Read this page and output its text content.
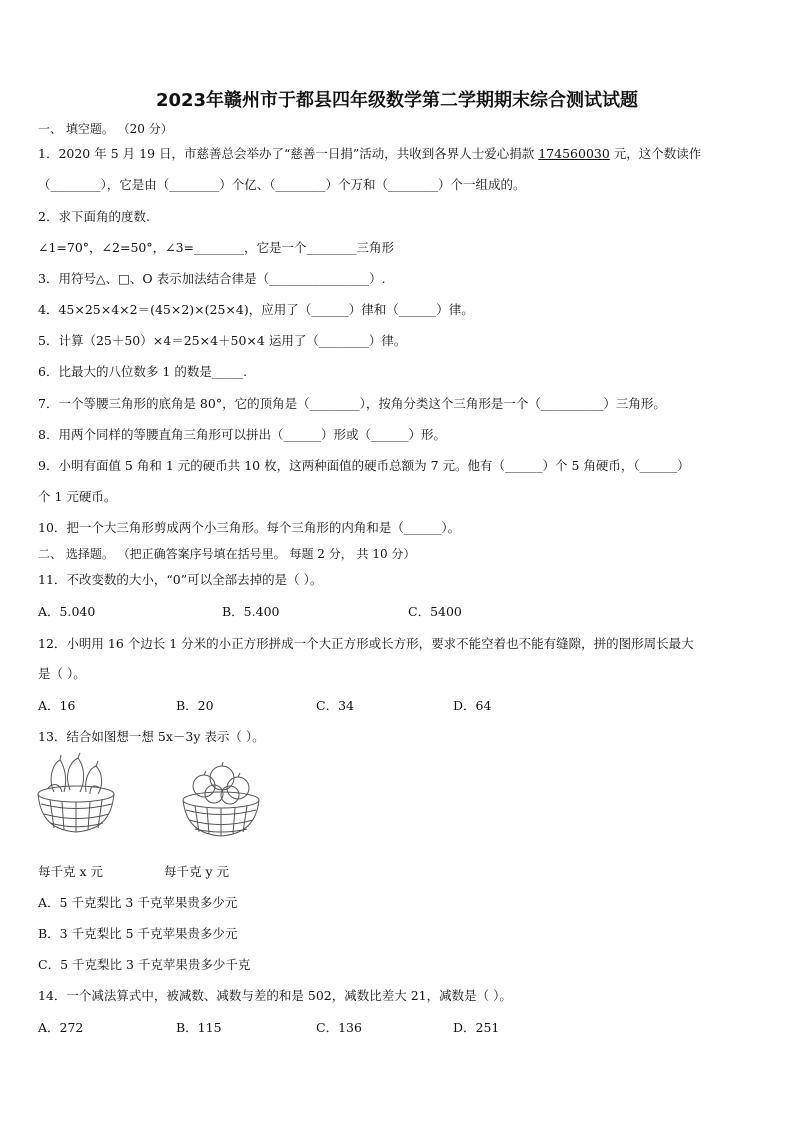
2023年赣州市于都县四年级数学第二学期期末综合测试试题
一、 填空题。 （20 分）
1．2020 年 5 月 19 日，市慈善总会举办了“慈善一日捐”活动，共收到各界人士爱心捐款 174560030 元，这个数读作
（________），它是由（________）个亿、（________）个万和（________）个一组成的。
2．求下面角的度数.
∠1=70°，∠2=50°，∠3=________，它是一个________三角形
3．用符号△、□、O 表示加法结合律是（________________）.
4．45×25×4×2＝(45×2)×(25×4)，应用了（______）律和（______）律。
5．计算（25＋50）×4＝25×4＋50×4 运用了（________）律。
6．比最大的八位数多 1 的数是_____.
7．一个等腰三角形的底角是 80°，它的顶角是（________），按角分类这个三角形是一个（__________）三角形。
8．用两个同样的等腰直角三角形可以拼出（______）形或（______）形。
9．小明有面值 5 角和 1 元的硬币共 10 枚，这两种面值的硬币总额为 7 元。他有（______）个 5 角硬币，（______）
个 1 元硬币。
10．把一个大三角形剪成两个小三角形。每个三角形的内角和是（______）。
二、 选择题。 （把正确答案序号填在括号里。 每题 2 分， 共 10 分）
11．不改变数的大小，“0”可以全部去掉的是（ ）。
A．5.040	B．5.400	C．5400
12．小明用 16 个边长 1 分米的小正方形拼成一个大正方形或长方形，要求不能空着也不能有缝隙，拼的图形周长最大
是（ ）。
A．16	B．20	C．34	D．64
13．结合如图想一想 5x－3y 表示（ ）。
每千克 x 元	每千克 y 元
A．5 千克梨比 3 千克苹果贵多少元
B．3 千克梨比 5 千克苹果贵多少元
C．5 千克梨比 3 千克苹果贵多少千克
14．一个减法算式中，被减数、减数与差的和是 502，减数比差大 21，减数是（ ）。
A．272	B．115	C．136	D．251
